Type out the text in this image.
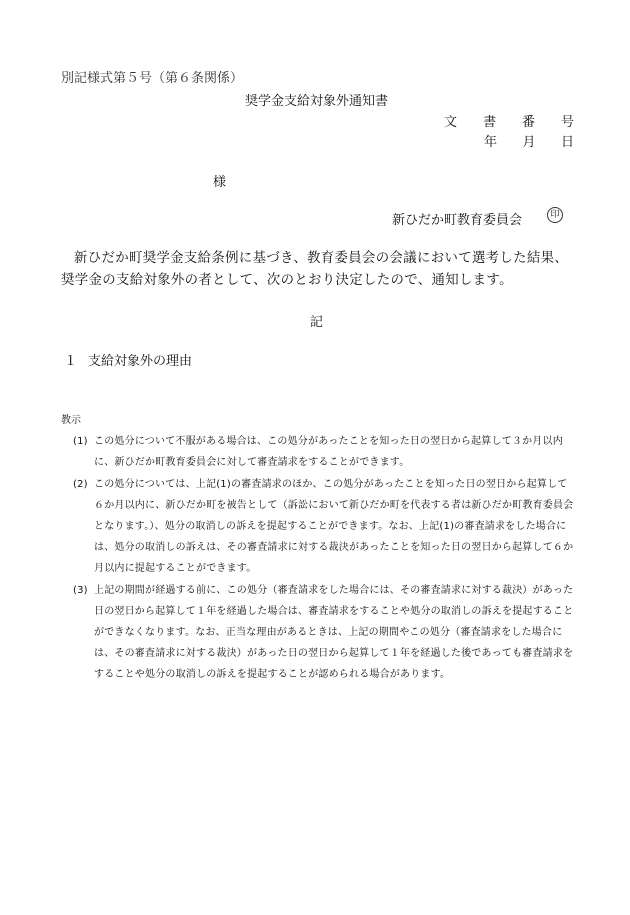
別記様式第５号（第６条関係）
奨学金支給対象外通知書
文 書 番 号
年 月 日
様
新ひだか町教育委員会	印
新ひだか町奨学金支給条例に基づき、教育委員会の会議において選考した結果、奨学金の支給対象外の者として、次のとおり決定したので、通知します。
記
１ 支給対象外の理由
教示
(1) この処分について不服がある場合は、この処分があったことを知った日の翌日から起算して３か月以内に、新ひだか町教育委員会に対して審査請求をすることができます。
(2) この処分については、上記(1)の審査請求のほか、この処分があったことを知った日の翌日から起算して６か月以内に、新ひだか町を被告として（訴訟において新ひだか町を代表する者は新ひだか町教育委員会となります。）、処分の取消しの訴えを提起することができます。なお、上記(1)の審査請求をした場合には、処分の取消しの訴えは、その審査請求に対する裁決があったことを知った日の翌日から起算して６か月以内に提起することができます。
(3) 上記の期間が経過する前に、この処分（審査請求をした場合には、その審査請求に対する裁決）があった日の翌日から起算して１年を経過した場合は、審査請求をすることや処分の取消しの訴えを提起することができなくなります。なお、正当な理由があるときは、上記の期間やこの処分（審査請求をした場合には、その審査請求に対する裁決）があった日の翌日から起算して１年を経過した後であっても審査請求をすることや処分の取消しの訴えを提起することが認められる場合があります。
